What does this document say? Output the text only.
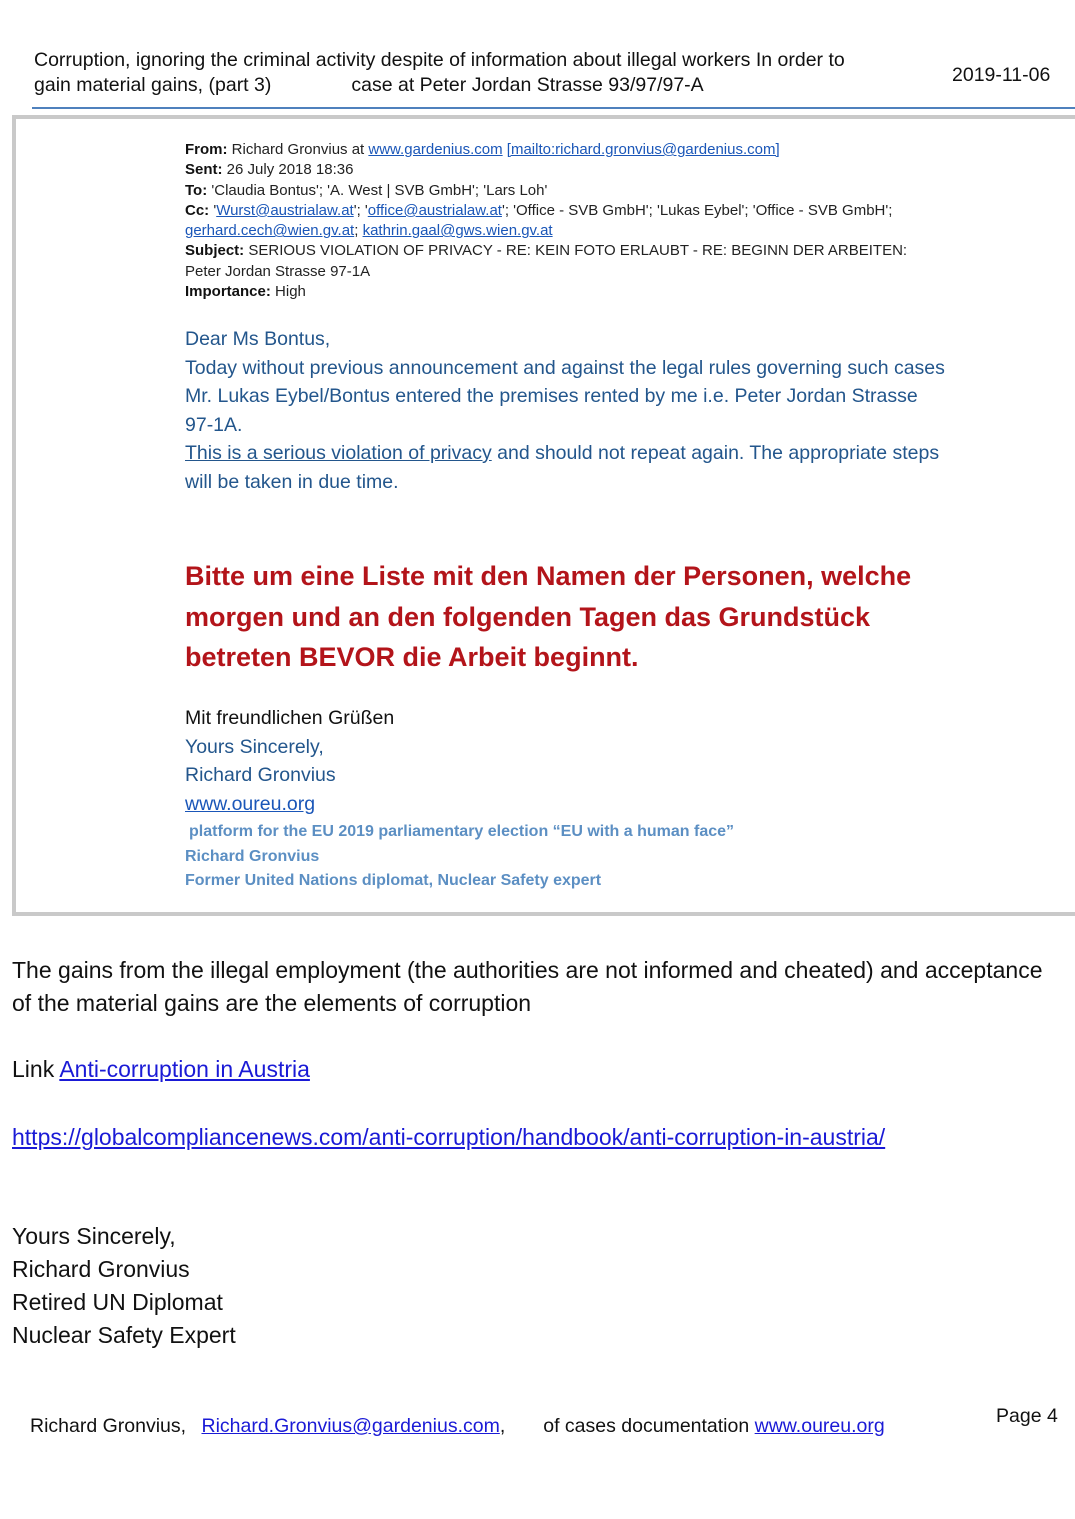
Corruption, ignoring the criminal activity despite of information about illegal workers In order to
gain material gains, (part 3)	case at Peter Jordan Strasse 93/97/97-A	2019-11-06
From: Richard Gronvius at www.gardenius.com [mailto:richard.gronvius@gardenius.com]
Sent: 26 July 2018 18:36
To: 'Claudia Bontus'; 'A. West | SVB GmbH'; 'Lars Loh'
Cc: 'Wurst@austrialaw.at'; 'office@austrialaw.at'; 'Office - SVB GmbH'; 'Lukas Eybel'; 'Office - SVB GmbH'; gerhard.cech@wien.gv.at; kathrin.gaal@gws.wien.gv.at
Subject: SERIOUS VIOLATION OF PRIVACY - RE: KEIN FOTO ERLAUBT - RE: BEGINN DER ARBEITEN: Peter Jordan Strasse 97-1A
Importance: High
Dear Ms Bontus,
Today without previous announcement and against the legal rules governing such cases
Mr. Lukas Eybel/Bontus entered the premises rented by me i.e. Peter Jordan Strasse 97-1A.
This is a serious violation of privacy and should not repeat again. The appropriate steps will be taken in due time.
Bitte um eine Liste mit den Namen der Personen, welche morgen und an den folgenden Tagen das Grundstück betreten BEVOR die Arbeit beginnt.
Mit freundlichen Grüßen
Yours Sincerely,
Richard Gronvius
www.oureu.org
platform for the EU 2019 parliamentary election “EU with a human face”
Richard Gronvius
Former United Nations diplomat, Nuclear Safety expert
The gains from the illegal employment (the authorities are not informed and cheated) and acceptance of the material gains are the elements of corruption
Link Anti-corruption in Austria
https://globalcompliancenews.com/anti-corruption/handbook/anti-corruption-in-austria/
Yours Sincerely,
Richard Gronvius
Retired UN Diplomat
Nuclear Safety Expert
Richard Gronvius, Richard.Gronvius@gardenius.com, of cases documentation www.oureu.org	Page 4
